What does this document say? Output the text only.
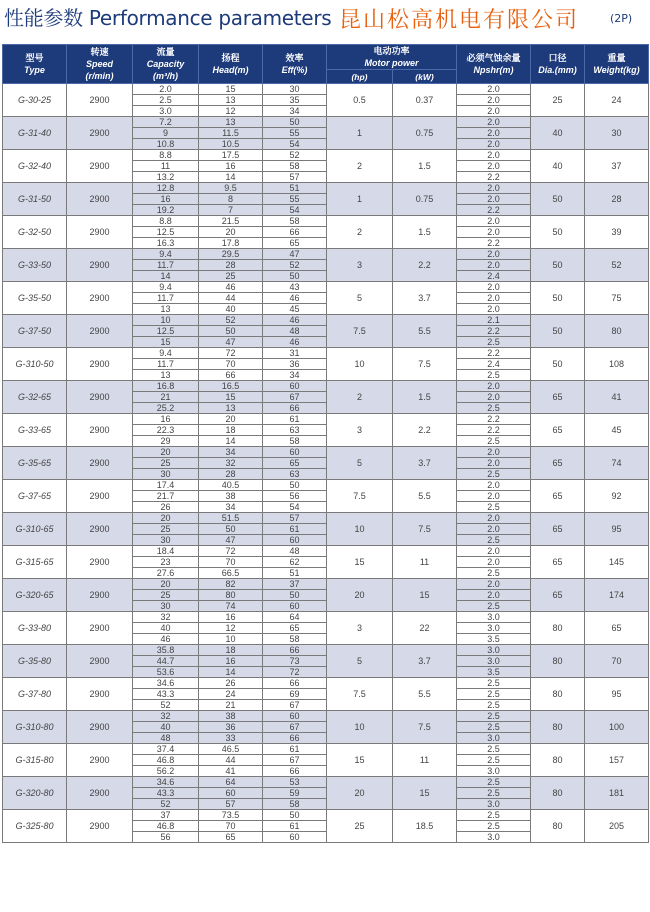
性能参数 Performance parameters 昆山松高机电有限公司	(2P)
型号
Type	转速
Speed
(r/min)	流量
Capacity
(m³/h)	扬程
Head(m)	效率
Eff(%)	电动功率
Motor power		必须气蚀余量
Npshr(m)	口径
Dia.(mm)	重量
Weight(kg)

					(hp)	(kW)			

G-30-25	2900	2.0	15	30	0.5	0.37	2.0	25	24
		2.5	13	35			2.0		
		3.0	12	34			2.0		
G-31-40	2900	7.2	13	50	1	0.75	2.0	40	30
		9	11.5	55			2.0		
		10.8	10.5	54			2.0		
G-32-40	2900	8.8	17.5	52	2	1.5	2.0	40	37
		11	16	58			2.0		
		13.2	14	57			2.2		
G-31-50	2900	12.8	9.5	51	1	0.75	2.0	50	28
		16	8	55			2.0		
		19.2	7	54			2.2		
G-32-50	2900	8.8	21.5	58	2	1.5	2.0	50	39
		12.5	20	66			2.0		
		16.3	17.8	65			2.2		
G-33-50	2900	9.4	29.5	47	3	2.2	2.0	50	52
		11.7	28	52			2.0		
		14	25	50			2.4		
G-35-50	2900	9.4	46	43	5	3.7	2.0	50	75
		11.7	44	46			2.0		
		13	40	45			2.0		
G-37-50	2900	10	52	46	7.5	5.5	2.1	50	80
		12.5	50	48			2.2		
		15	47	46			2.5		
G-310-50	2900	9.4	72	31	10	7.5	2.2	50	108
		11.7	70	36			2.4		
		13	66	34			2.5		
G-32-65	2900	16.8	16.5	60	2	1.5	2.0	65	41
		21	15	67			2.0		
		25.2	13	66			2.5		
G-33-65	2900	16	20	61	3	2.2	2.2	65	45
		22.3	18	63			2.2		
		29	14	58			2.5		
G-35-65	2900	20	34	60	5	3.7	2.0	65	74
		25	32	65			2.0		
		30	28	63			2.5		
G-37-65	2900	17.4	40.5	50	7.5	5.5	2.0	65	92
		21.7	38	56			2.0		
		26	34	54			2.5		
G-310-65	2900	20	51.5	57	10	7.5	2.0	65	95
		25	50	61			2.0		
		30	47	60			2.5		
G-315-65	2900	18.4	72	48	15	11	2.0	65	145
		23	70	62			2.0		
		27.6	66.5	51			2.5		
G-320-65	2900	20	82	37	20	15	2.0	65	174
		25	80	50			2.0		
		30	74	60			2.5		
G-33-80	2900	32	16	64	3	22	3.0	80	65
		40	12	65			3.0		
		46	10	58			3.5		
G-35-80	2900	35.8	18	66	5	3.7	3.0	80	70
		44.7	16	73			3.0		
		53.6	14	72			3.5		
G-37-80	2900	34.6	26	66	7.5	5.5	2.5	80	95
		43.3	24	69			2.5		
		52	21	67			2.5		
G-310-80	2900	32	38	60	10	7.5	2.5	80	100
		40	36	67			2.5		
		48	33	66			3.0		
G-315-80	2900	37.4	46.5	61	15	11	2.5	80	157
		46.8	44	67			2.5		
		56.2	41	66			3.0		
G-320-80	2900	34.6	64	53	20	15	2.5	80	181
		43.3	60	59			2.5		
		52	57	58			3.0		
G-325-80	2900	37	73.5	50	25	18.5	2.5	80	205
		46.8	70	61			2.5		
		56	65	60			3.0		
